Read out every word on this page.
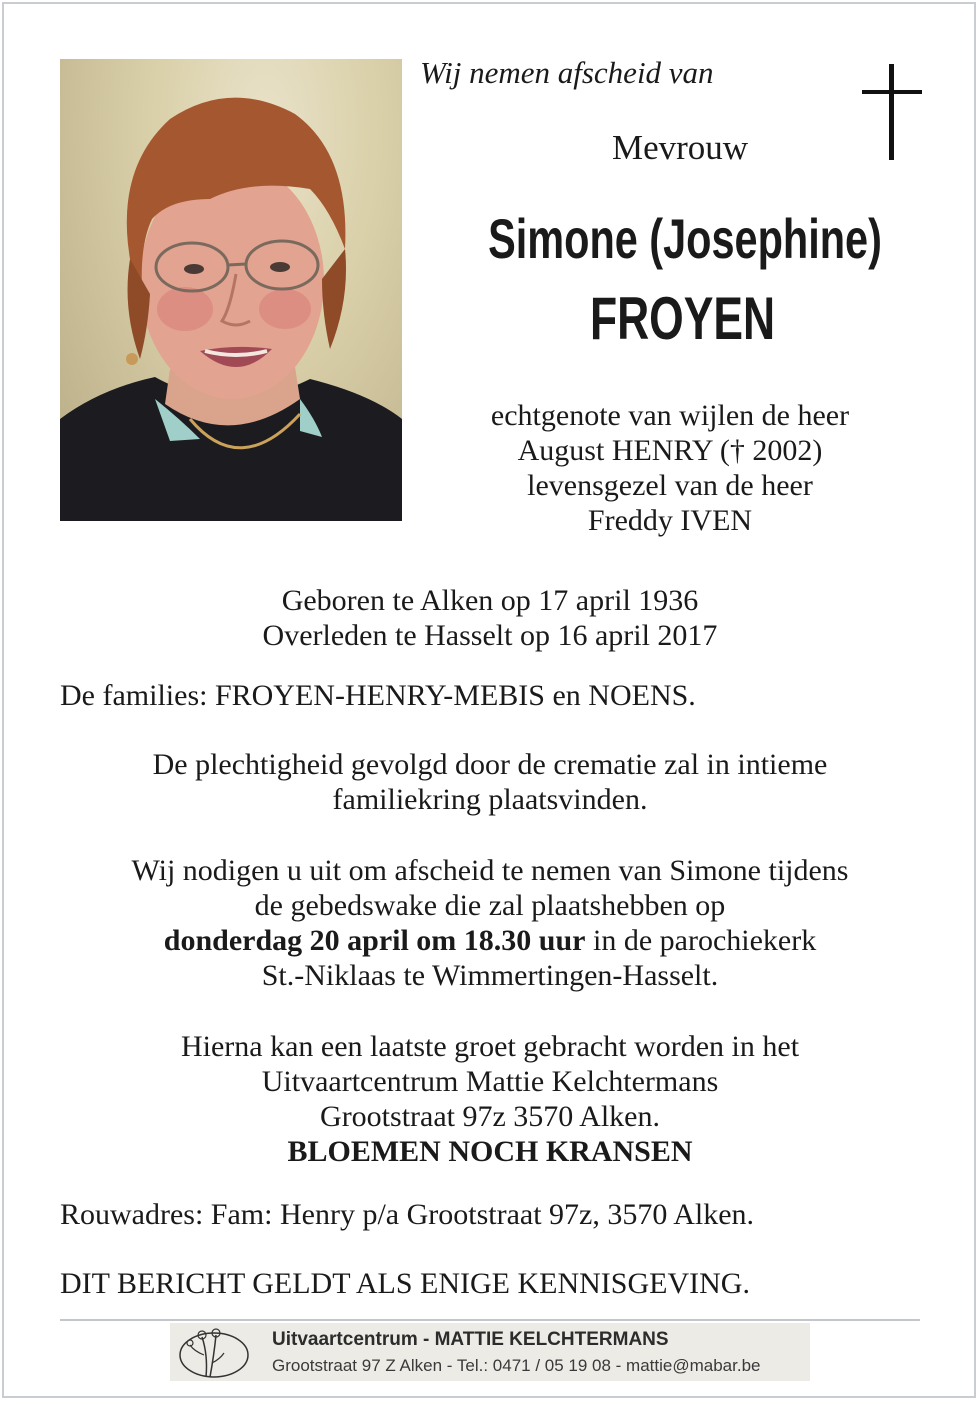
Wij nemen afscheid van
Mevrouw
Simone (Josephine)
FROYEN
echtgenote van wijlen de heer
August HENRY († 2002)
levensgezel van de heer
Freddy IVEN
Geboren te Alken op 17 april 1936
Overleden te Hasselt op 16 april 2017
De families: FROYEN-HENRY-MEBIS en NOENS.
De plechtigheid gevolgd door de crematie zal in intieme
familiekring plaatsvinden.
Wij nodigen u uit om afscheid te nemen van Simone tijdens
de gebedswake die zal plaatshebben op
donderdag 20 april om 18.30 uur in de parochiekerk
St.-Niklaas te Wimmertingen-Hasselt.
Hierna kan een laatste groet gebracht worden in het
Uitvaartcentrum Mattie Kelchtermans
Grootstraat 97z 3570 Alken.
BLOEMEN NOCH KRANSEN
Rouwadres: Fam: Henry p/a Grootstraat 97z, 3570 Alken.
DIT BERICHT GELDT ALS ENIGE KENNISGEVING.
Uitvaartcentrum - MATTIE KELCHTERMANS
Grootstraat 97 Z Alken - Tel.: 0471 / 05 19 08 - mattie@mabar.be
